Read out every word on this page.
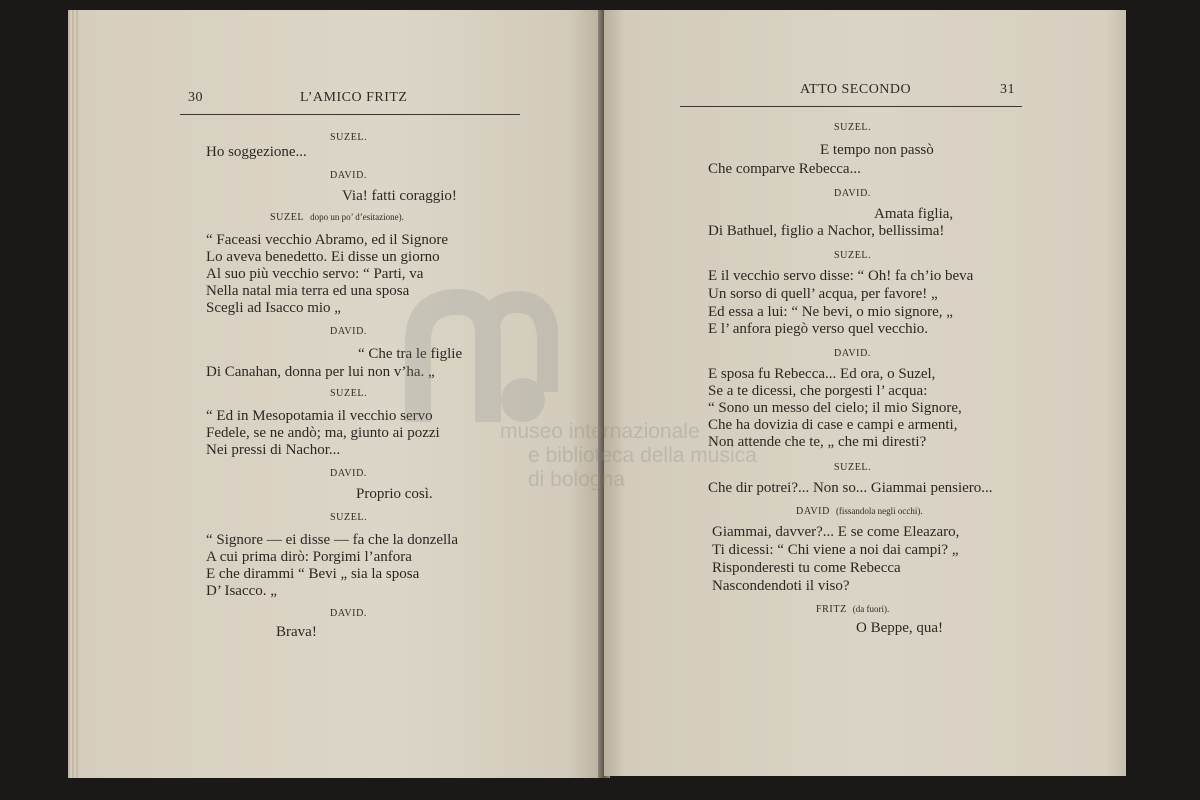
30	L’AMICO FRITZ
SUZEL.
Ho soggezione...
DAVID.
Via! fatti coraggio!
SUZEL dopo un po’ d’esitazione).
“ Faceasi vecchio Abramo, ed il Signore
Lo aveva benedetto. Ei disse un giorno
Al suo più vecchio servo: “ Parti, va
Nella natal mia terra ed una sposa
Scegli ad Isacco mio „
DAVID.
“ Che tra le figlie
Di Canahan, donna per lui non v’ha. „
SUZEL.
“ Ed in Mesopotamia il vecchio servo
Fedele, se ne andò; ma, giunto ai pozzi
Nei pressi di Nachor...
DAVID.
Proprio così.
SUZEL.
“ Signore — ei disse — fa che la donzella
A cui prima dirò: Porgimi l’anfora
E che dirammi “ Bevi „ sia la sposa
D’ Isacco. „
DAVID.
Brava!
ATTO SECONDO	31
SUZEL.
E tempo non passò
Che comparve Rebecca...
DAVID.
Amata figlia,
Di Bathuel, figlio a Nachor, bellissima!
SUZEL.
E il vecchio servo disse: “ Oh! fa ch’io beva
Un sorso di quell’ acqua, per favore! „
Ed essa a lui: “ Ne bevi, o mio signore, „
E l’ anfora piegò verso quel vecchio.
DAVID.
E sposa fu Rebecca... Ed ora, o Suzel,
Se a te dicessi, che porgesti l’ acqua:
“ Sono un messo del cielo; il mio Signore,
Che ha dovizia di case e campi e armenti,
Non attende che te, „ che mi diresti?
SUZEL.
Che dir potrei?... Non so... Giammai pensiero...
DAVID (fissandola negli occhi).
Giammai, davver?... E se come Eleazaro,
Ti dicessi: “ Chi viene a noi dai campi? „
Risponderesti tu come Rebecca
Nascondendoti il viso?
FRITZ (da fuori).
O Beppe, qua!
museo internazionale
e biblioteca della musica
di bologna
